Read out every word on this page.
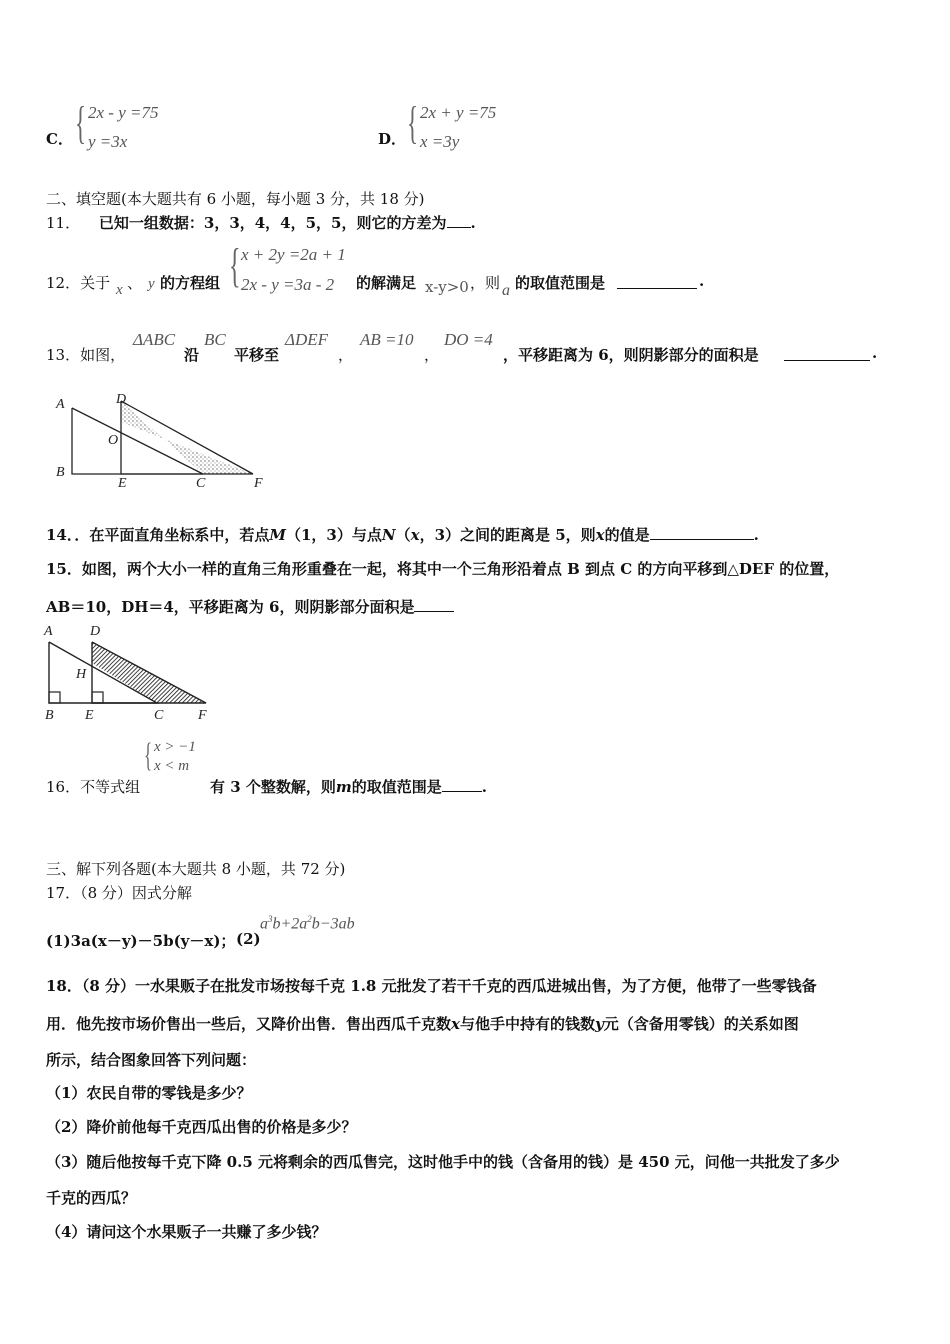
C． { 2x - y =75
y =3x	D． { 2x + y =75
x =3y
二、填空题(本大题共有 6 小题，每小题 3 分，共 18 分)
11． 已知一组数据：3，3，4，4，5，5，则它的方差为 .
12．关于 x 、 y 的方程组 { x + 2y =2a + 1
2x - y =3a - 2 的解满足 x-y>0 ，则 a 的取值范围是	.
13．如图，
ΔABC
沿
BC
平移至
ΔDEF
，
AB =10
，
DO =4
，平移距离为 6，则阴影部分的面积是	.
A	D
O
B
E	C	F
14．．在平面直角坐标系中，若点M（1，3）与点N（x，3）之间的距离是 5，则x的值是	.
15．如图，两个大小一样的直角三角形重叠在一起，将其中一个三角形沿着点 B 到点 C 的方向平移到△DEF 的位置，
AB＝10，DH＝4，平移距离为 6，则阴影部分面积是
A	D
H
B E	C F
{ x > −1
x < m
16．不等式组	有 3 个整数解，则m的取值范围是	.
三、解下列各题(本大题共 8 小题，共 72 分)
17．（8 分）因式分解
(1)3a(x－y)－5b(y－x)； (2)
$a^3b+2a^2b-3ab$
18．（8 分）一水果贩子在批发市场按每千克 1.8 元批发了若干千克的西瓜进城出售，为了方便，他带了一些零钱备
用．他先按市场价售出一些后，又降价出售．售出西瓜千克数x与他手中持有的钱数y元（含备用零钱）的关系如图
所示，结合图象回答下列问题：
（1）农民自带的零钱是多少？
（2）降价前他每千克西瓜出售的价格是多少？
（3）随后他按每千克下降 0.5 元将剩余的西瓜售完，这时他手中的钱（含备用的钱）是 450 元，问他一共批发了多少
千克的西瓜？
（4）请问这个水果贩子一共赚了多少钱？
